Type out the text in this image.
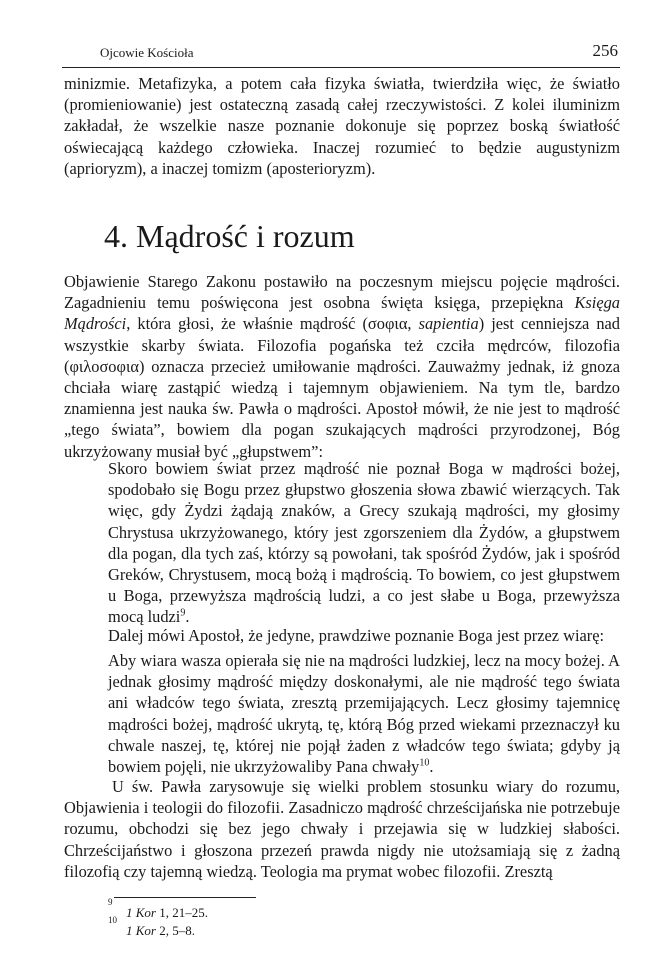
Ojcowie Kościoła	256
minizmie. Metafizyka, a potem cała fizyka światła, twierdziła więc, że światło (promieniowanie) jest ostateczną zasadą całej rzeczywistości. Z kolei iluminizm zakładał, że wszelkie nasze poznanie dokonuje się poprzez boską światłość oświecającą każdego człowieka. Inaczej rozumieć to będzie augustynizm (aprioryzm), a inaczej tomizm (aposterioryzm).
4. Mądrość i rozum
Objawienie Starego Zakonu postawiło na poczesnym miejscu pojęcie mądrości. Zagadnieniu temu poświęcona jest osobna święta księga, przepiękna Księga Mądrości, która głosi, że właśnie mądrość (σοφια, sapientia) jest cenniejsza nad wszystkie skarby świata. Filozofia pogańska też czciła mędrców, filozofia (φιλοσοφια) oznacza przecież umiłowanie mądrości. Zauważmy jednak, iż gnoza chciała wiarę zastąpić wiedzą i tajemnym objawieniem. Na tym tle, bardzo znamienna jest nauka św. Pawła o mądrości. Apostoł mówił, że nie jest to mądrość „tego świata”, bowiem dla pogan szukających mądrości przyrodzonej, Bóg ukrzyżowany musiał być „głupstwem”:
Skoro bowiem świat przez mądrość nie poznał Boga w mądrości bożej, spodobało się Bogu przez głupstwo głoszenia słowa zbawić wierzących. Tak więc, gdy Żydzi żądają znaków, a Grecy szukają mądrości, my głosimy Chrystusa ukrzyżowanego, który jest zgorszeniem dla Żydów, a głupstwem dla pogan, dla tych zaś, którzy są powołani, tak spośród Żydów, jak i spośród Greków, Chrystusem, mocą bożą i mądrością. To bowiem, co jest głupstwem u Boga, przewyższa mądrością ludzi, a co jest słabe u Boga, przewyższa mocą ludzi$^9$.
Dalej mówi Apostoł, że jedyne, prawdziwe poznanie Boga jest przez wiarę:
Aby wiara wasza opierała się nie na mądrości ludzkiej, lecz na mocy bożej. A jednak głosimy mądrość między doskonałymi, ale nie mądrość tego świata ani władców tego świata, zresztą przemijających. Lecz głosimy tajemnicę mądrości bożej, mądrość ukrytą, tę, którą Bóg przed wiekami przeznaczył ku chwale naszej, tę, której nie pojął żaden z władców tego świata; gdyby ją bowiem pojęli, nie ukrzyżowaliby Pana chwały$^{10}$.
U św. Pawła zarysowuje się wielki problem stosunku wiary do rozumu, Objawienia i teologii do filozofii. Zasadniczo mądrość chrześcijańska nie potrzebuje rozumu, obchodzi się bez jego chwały i przejawia się w ludzkiej słabości. Chrześcijaństwo i głoszona przezeń prawda nigdy nie utożsamiają się z żadną filozofią czy tajemną wiedzą. Teologia ma prymat wobec filozofii. Zresztą
9
1 Kor 1, 21–25.
10
1 Kor 2, 5–8.
